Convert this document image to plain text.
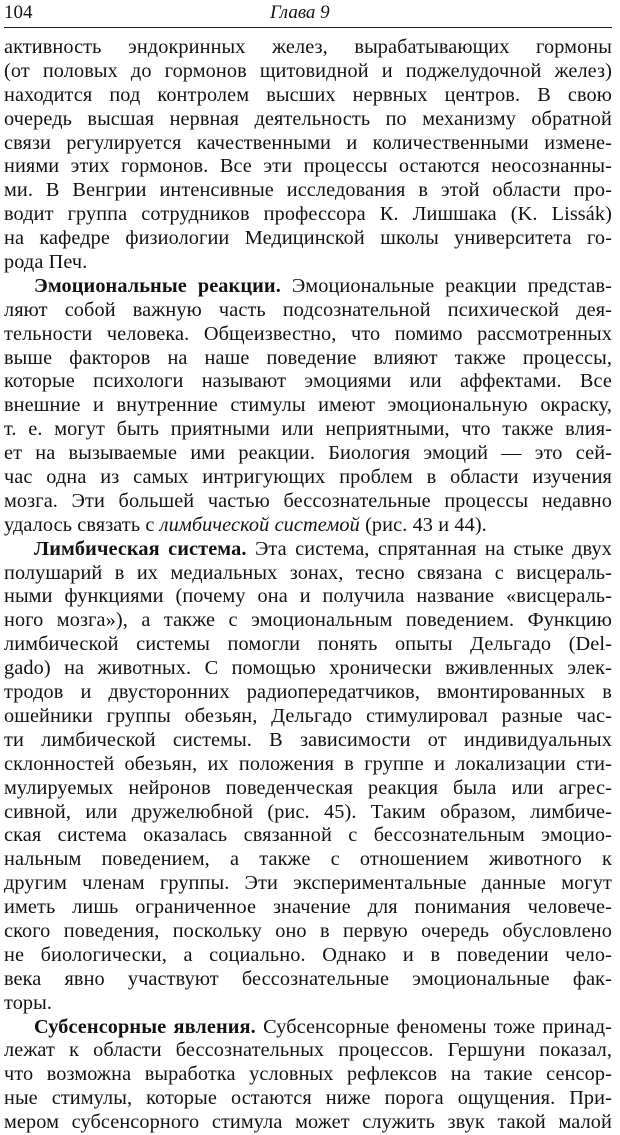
104	Глава 9
активность эндокринных желез, вырабатывающих гормоны
(от половых до гормонов щитовидной и поджелудочной желез)
находится под контролем высших нервных центров. В свою
очередь высшая нервная деятельность по механизму обратной
связи регулируется качественными и количественными измене-
ниями этих гормонов. Все эти процессы остаются неосознанны-
ми. В Венгрии интенсивные исследования в этой области про-
водит группа сотрудников профессора К. Лишшака (K. Lissák)
на кафедре физиологии Медицинской школы университета го-
рода Печ.
Эмоциональные реакции. Эмоциональные реакции представ-
ляют собой важную часть подсознательной психической дея-
тельности человека. Общеизвестно, что помимо рассмотренных
выше факторов на наше поведение влияют также процессы,
которые психологи называют эмоциями или аффектами. Все
внешние и внутренние стимулы имеют эмоциональную окраску,
т. е. могут быть приятными или неприятными, что также влия-
ет на вызываемые ими реакции. Биология эмоций — это сей-
час одна из самых интригующих проблем в области изучения
мозга. Эти большей частью бессознательные процессы недавно
удалось связать с лимбической системой (рис. 43 и 44).
Лимбическая система. Эта система, спрятанная на стыке двух
полушарий в их медиальных зонах, тесно связана с висцераль-
ными функциями (почему она и получила название «висцераль-
ного мозга»), а также с эмоциональным поведением. Функцию
лимбической системы помогли понять опыты Дельгадо (Del-
gado) на животных. С помощью хронически вживленных элек-
тродов и двусторонних радиопередатчиков, вмонтированных в
ошейники группы обезьян, Дельгадо стимулировал разные час-
ти лимбической системы. В зависимости от индивидуальных
склонностей обезьян, их положения в группе и локализации сти-
мулируемых нейронов поведенческая реакция была или агрес-
сивной, или дружелюбной (рис. 45). Таким образом, лимбиче-
ская система оказалась связанной с бессознательным эмоцио-
нальным поведением, а также с отношением животного к
другим членам группы. Эти экспериментальные данные могут
иметь лишь ограниченное значение для понимания человече-
ского поведения, поскольку оно в первую очередь обусловлено
не биологически, а социально. Однако и в поведении чело-
века явно участвуют бессознательные эмоциональные фак-
торы.
Субсенсорные явления. Субсенсорные феномены тоже принад-
лежат к области бессознательных процессов. Гершуни показал,
что возможна выработка условных рефлексов на такие сенсор-
ные стимулы, которые остаются ниже порога ощущения. При-
мером субсенсорного стимула может служить звук такой малой
